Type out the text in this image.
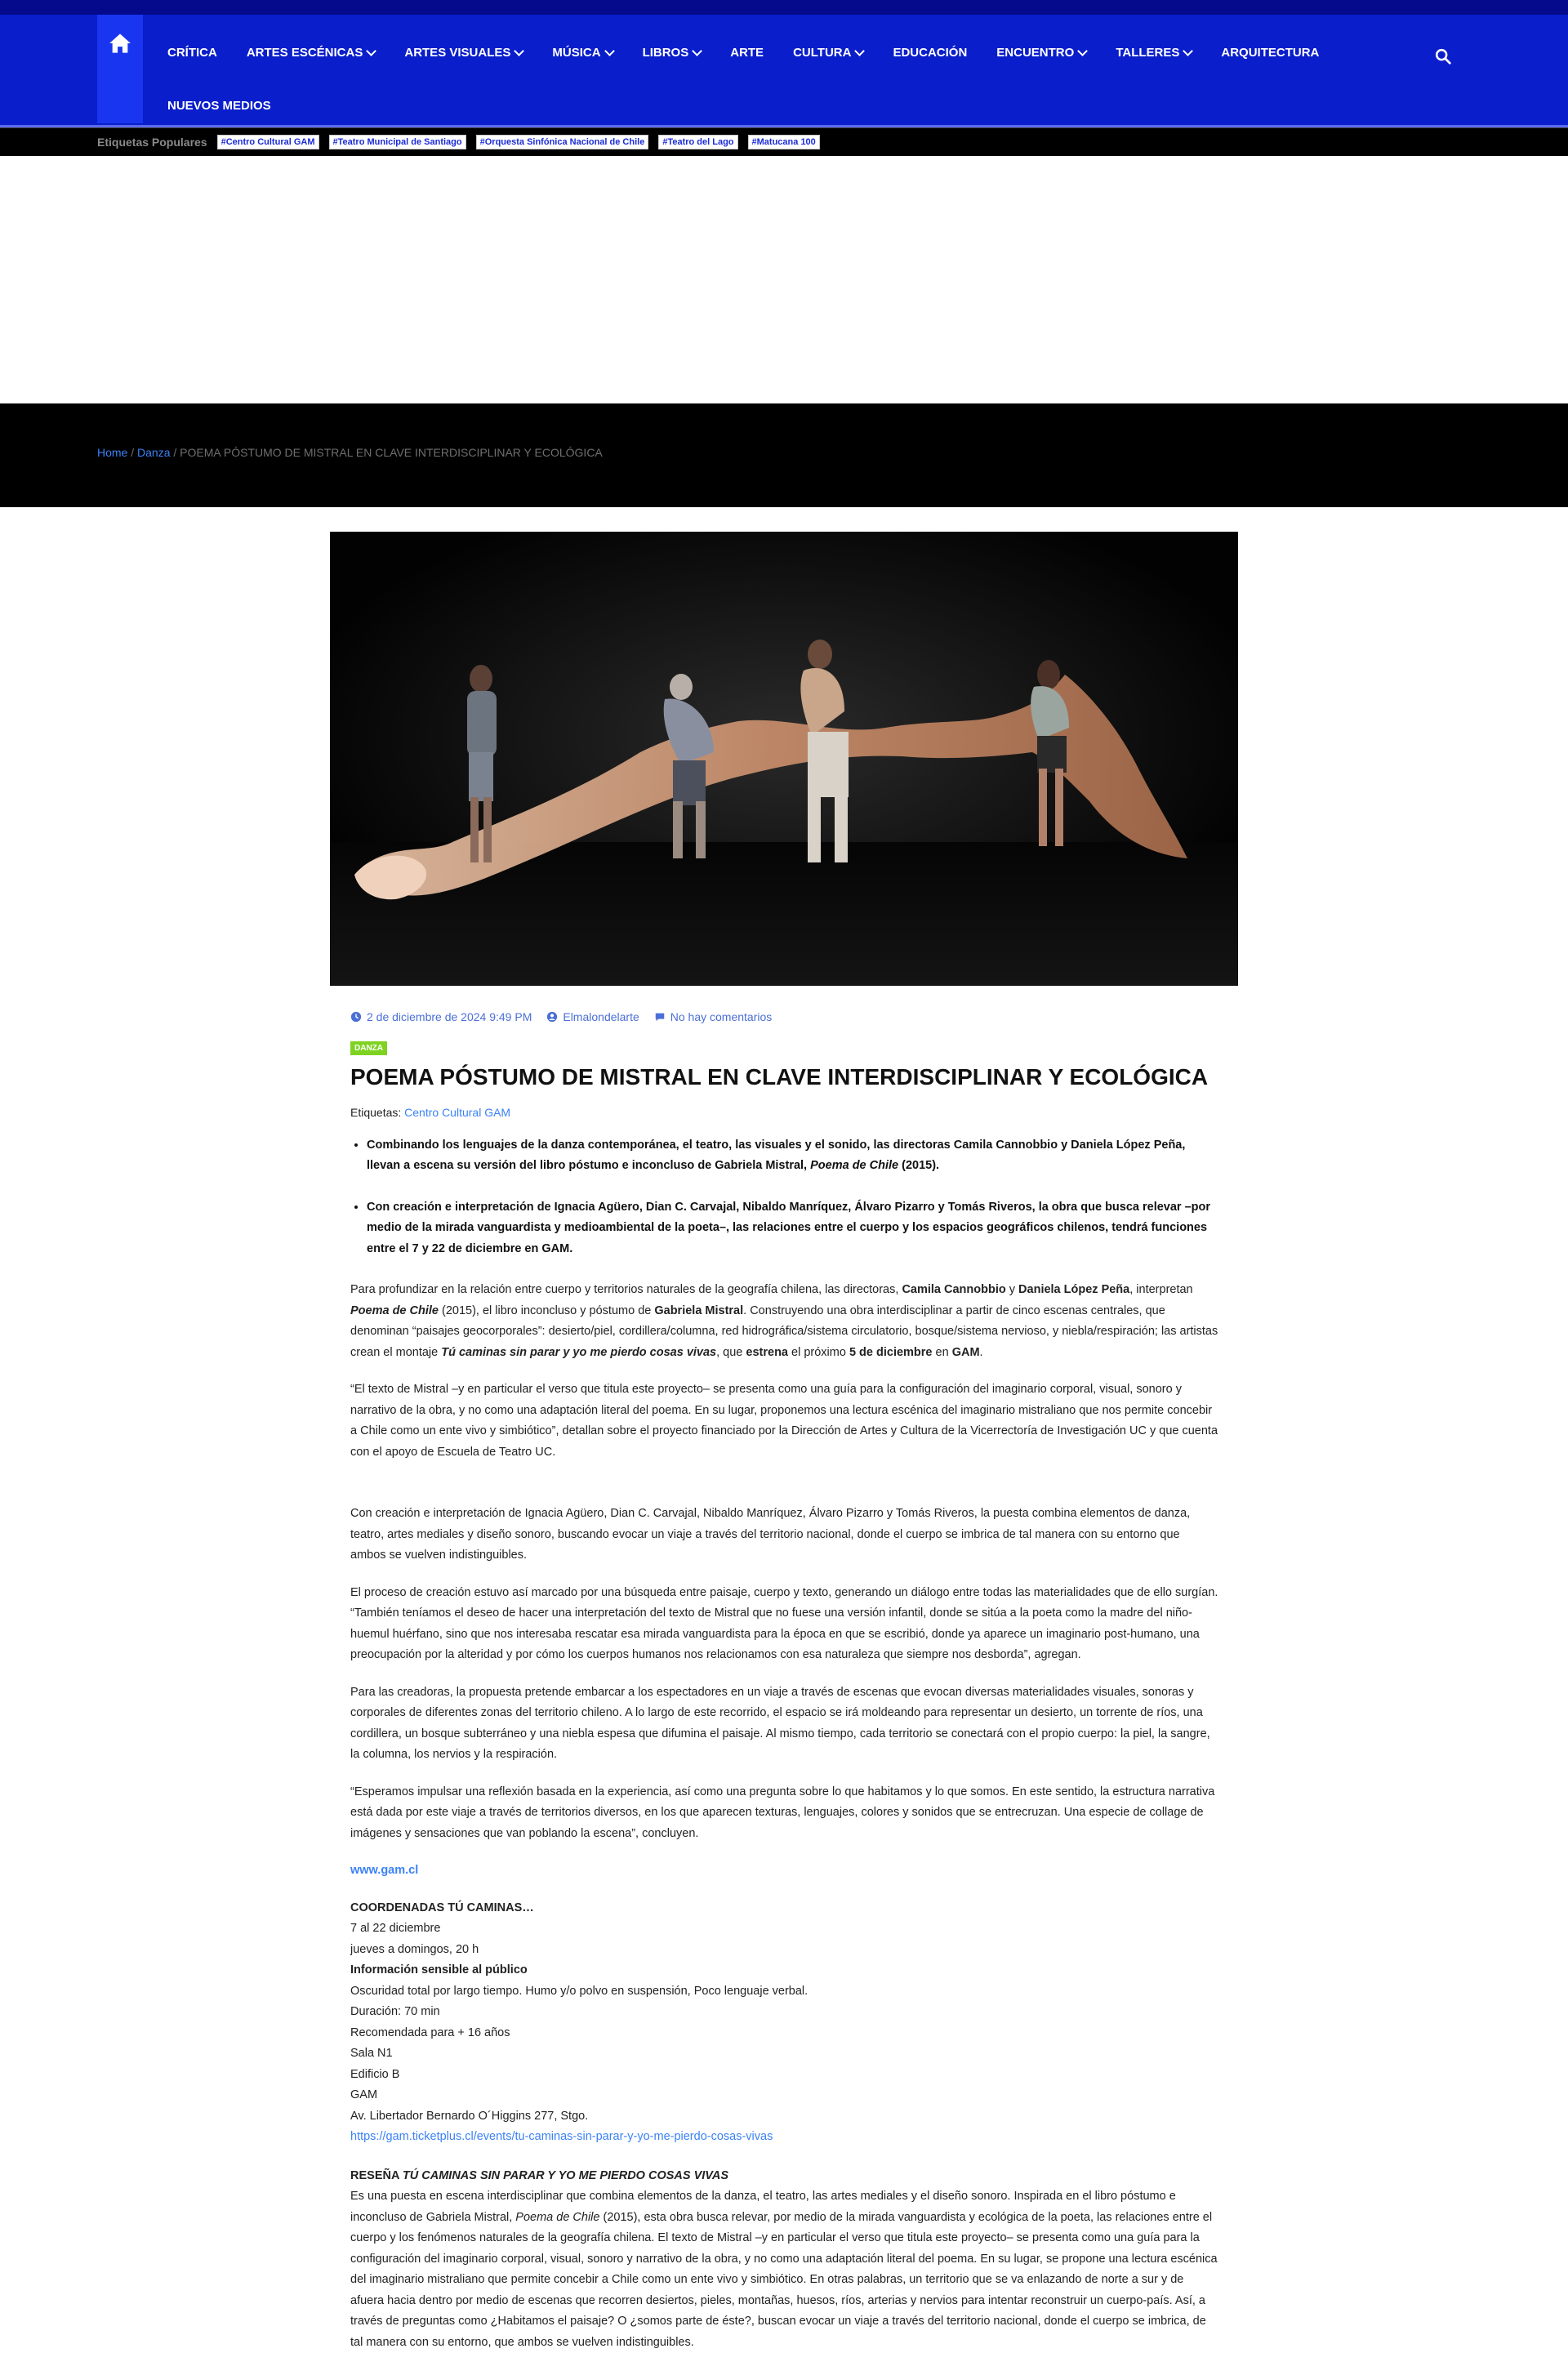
CRÍTICA ARTES ESCÉNICAS	ARTES VISUALES	MÚSICA	LIBROS	ARTE CULTURA	EDUCACIÓN ENCUENTRO	TALLERES	ARQUITECTURA
NUEVOS MEDIOS
Etiquetas Populares	#Centro Cultural GAM	#Teatro Municipal de Santiago	#Orquesta Sinfónica Nacional de Chile	#Teatro del Lago	#Matucana 100
Home / Danza / POEMA PÓSTUMO DE MISTRAL EN CLAVE INTERDISCIPLINAR Y ECOLÓGICA
2 de diciembre de 2024 9:49 PM	Elmalondelarte	No hay comentarios
DANZA
POEMA PÓSTUMO DE MISTRAL EN CLAVE INTERDISCIPLINAR Y ECOLÓGICA
Etiquetas: Centro Cultural GAM
• Combinando los lenguajes de la danza contemporánea, el teatro, las visuales y el sonido, las directoras Camila Cannobbio y Daniela López Peña, llevan a escena su versión del libro póstumo e inconcluso de Gabriela Mistral, Poema de Chile (2015).
• Con creación e interpretación de Ignacia Agüero, Dian C. Carvajal, Nibaldo Manríquez, Álvaro Pizarro y Tomás Riveros, la obra que busca relevar –por medio de la mirada vanguardista y medioambiental de la poeta–, las relaciones entre el cuerpo y los espacios geográficos chilenos, tendrá funciones entre el 7 y 22 de diciembre en GAM.

Para profundizar en la relación entre cuerpo y territorios naturales de la geografía chilena, las directoras, Camila Cannobbio y Daniela López Peña, interpretan Poema de Chile (2015), el libro inconcluso y póstumo de Gabriela Mistral. Construyendo una obra interdisciplinar a partir de cinco escenas centrales, que denominan “paisajes geocorporales”: desierto/piel, cordillera/columna, red hidrográfica/sistema circulatorio, bosque/sistema nervioso, y niebla/respiración; las artistas crean el montaje Tú caminas sin parar y yo me pierdo cosas vivas, que estrena el próximo 5 de diciembre en GAM.

“El texto de Mistral –y en particular el verso que titula este proyecto– se presenta como una guía para la configuración del imaginario corporal, visual, sonoro y narrativo de la obra, y no como una adaptación literal del poema. En su lugar, proponemos una lectura escénica del imaginario mistraliano que nos permite concebir a Chile como un ente vivo y simbiótico”, detallan sobre el proyecto financiado por la Dirección de Artes y Cultura de la Vicerrectoría de Investigación UC y que cuenta con el apoyo de Escuela de Teatro UC.

Con creación e interpretación de Ignacia Agüero, Dian C. Carvajal, Nibaldo Manríquez, Álvaro Pizarro y Tomás Riveros, la puesta combina elementos de danza, teatro, artes mediales y diseño sonoro, buscando evocar un viaje a través del territorio nacional, donde el cuerpo se imbrica de tal manera con su entorno que ambos se vuelven indistinguibles.

El proceso de creación estuvo así marcado por una búsqueda entre paisaje, cuerpo y texto, generando un diálogo entre todas las materialidades que de ello surgían. “También teníamos el deseo de hacer una interpretación del texto de Mistral que no fuese una versión infantil, donde se sitúa a la poeta como la madre del niño-huemul huérfano, sino que nos interesaba rescatar esa mirada vanguardista para la época en que se escribió, donde ya aparece un imaginario post-humano, una preocupación por la alteridad y por cómo los cuerpos humanos nos relacionamos con esa naturaleza que siempre nos desborda”, agregan.

Para las creadoras, la propuesta pretende embarcar a los espectadores en un viaje a través de escenas que evocan diversas materialidades visuales, sonoras y corporales de diferentes zonas del territorio chileno. A lo largo de este recorrido, el espacio se irá moldeando para representar un desierto, un torrente de ríos, una cordillera, un bosque subterráneo y una niebla espesa que difumina el paisaje. Al mismo tiempo, cada territorio se conectará con el propio cuerpo: la piel, la sangre, la columna, los nervios y la respiración.

“Esperamos impulsar una reflexión basada en la experiencia, así como una pregunta sobre lo que habitamos y lo que somos. En este sentido, la estructura narrativa está dada por este viaje a través de territorios diversos, en los que aparecen texturas, lenguajes, colores y sonidos que se entrecruzan. Una especie de collage de imágenes y sensaciones que van poblando la escena”, concluyen.

www.gam.cl

COORDENADAS TÚ CAMINAS…
7 al 22 diciembre
jueves a domingos, 20 h
Información sensible al público
Oscuridad total por largo tiempo. Humo y/o polvo en suspensión, Poco lenguaje verbal.
Duración: 70 min
Recomendada para + 16 años
Sala N1
Edificio B
GAM
Av. Libertador Bernardo O´Higgins 277, Stgo.
https://gam.ticketplus.cl/events/tu-caminas-sin-parar-y-yo-me-pierdo-cosas-vivas
RESEÑA TÚ CAMINAS SIN PARAR Y YO ME PIERDO COSAS VIVAS
Es una puesta en escena interdisciplinar que combina elementos de la danza, el teatro, las artes mediales y el diseño sonoro. Inspirada en el libro póstumo e inconcluso de Gabriela Mistral, Poema de Chile (2015), esta obra busca relevar, por medio de la mirada vanguardista y ecológica de la poeta, las relaciones entre el cuerpo y los fenómenos naturales de la geografía chilena. El texto de Mistral –y en particular el verso que titula este proyecto– se presenta como una guía para la configuración del imaginario corporal, visual, sonoro y narrativo de la obra, y no como una adaptación literal del poema. En su lugar, se propone una lectura escénica del imaginario mistraliano que permite concebir a Chile como un ente vivo y simbiótico. En otras palabras, un territorio que se va enlazando de norte a sur y de afuera hacia dentro por medio de escenas que recorren desiertos, pieles, montañas, huesos, ríos, arterias y nervios para intentar reconstruir un cuerpo-país. Así, a través de preguntas como ¿Habitamos el paisaje? O ¿somos parte de éste?, buscan evocar un viaje a través del territorio nacional, donde el cuerpo se imbrica, de tal manera con su entorno, que ambos se vuelven indistinguibles.
